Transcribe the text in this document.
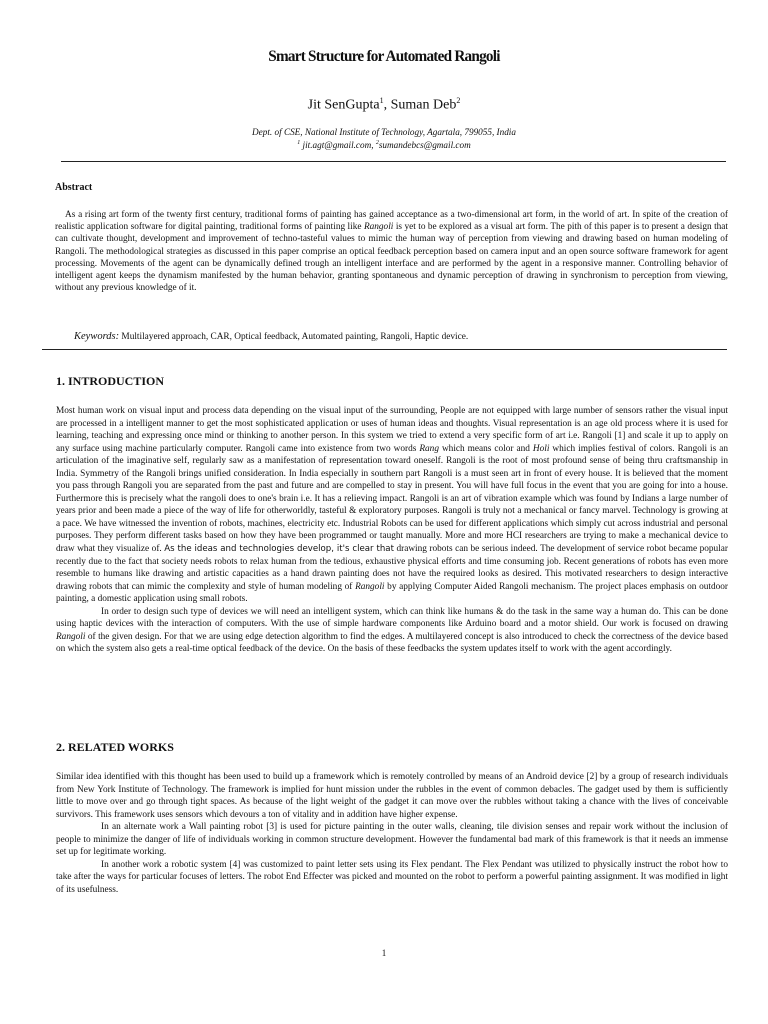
Smart Structure for Automated Rangoli
Jit SenGupta$^1$, Suman Deb$^2$
Dept. of CSE, National Institute of Technology, Agartala, 799055, India
$^1$ jit.agt@gmail.com, $^2$sumandebcs@gmail.com
Abstract
As a rising art form of the twenty first century, traditional forms of painting has gained acceptance as a two-dimensional art form, in the world of art. In spite of the creation of realistic application software for digital painting, traditional forms of painting like Rangoli is yet to be explored as a visual art form. The pith of this paper is to present a design that can cultivate thought, development and improvement of techno-tasteful values to mimic the human way of perception from viewing and drawing based on human modeling of Rangoli. The methodological strategies as discussed in this paper comprise an optical feedback perception based on camera input and an open source software framework for agent processing. Movements of the agent can be dynamically defined trough an intelligent interface and are performed by the agent in a responsive manner. Controlling behavior of intelligent agent keeps the dynamism manifested by the human behavior, granting spontaneous and dynamic perception of drawing in synchronism to perception from viewing, without any previous knowledge of it.
Keywords: Multilayered approach, CAR, Optical feedback, Automated painting, Rangoli, Haptic device.
1. INTRODUCTION

Most human work on visual input and process data depending on the visual input of the surrounding, People are not equipped with large number of sensors rather the visual input are processed in a intelligent manner to get the most sophisticated application or uses of human ideas and thoughts. Visual representation is an age old process where it is used for learning, teaching and expressing once mind or thinking to another person. In this system we tried to extend a very specific form of art i.e. Rangoli [1] and scale it up to apply on any surface using machine particularly computer. Rangoli came into existence from two words Rang which means color and Holi which implies festival of colors. Rangoli is an articulation of the imaginative self, regularly saw as a manifestation of representation toward oneself. Rangoli is the root of most profound sense of being thru craftsmanship in India. Symmetry of the Rangoli brings unified consideration. In India especially in southern part Rangoli is a must seen art in front of every house. It is believed that the moment you pass through Rangoli you are separated from the past and future and are compelled to stay in present. You will have full focus in the event that you are going for into a house. Furthermore this is precisely what the rangoli does to one's brain i.e. It has a relieving impact. Rangoli is an art of vibration example which was found by Indians a large number of years prior and been made a piece of the way of life for otherworldly, tasteful & exploratory purposes. Rangoli is truly not a mechanical or fancy marvel. Technology is growing at a pace. We have witnessed the invention of robots, machines, electricity etc. Industrial Robots can be used for different applications which simply cut across industrial and personal purposes. They perform different tasks based on how they have been programmed or taught manually. More and more HCI researchers are trying to make a mechanical device to draw what they visualize of. As the ideas and technologies develop, it's clear that drawing robots can be serious indeed. The development of service robot became popular recently due to the fact that society needs robots to relax human from the tedious, exhaustive physical efforts and time consuming job. Recent generations of robots has even more resemble to humans like drawing and artistic capacities as a hand drawn painting does not have the required looks as desired. This motivated researchers to design interactive drawing robots that can mimic the complexity and style of human modeling of Rangoli by applying Computer Aided Rangoli mechanism. The project places emphasis on outdoor painting, a domestic application using small robots.

In order to design such type of devices we will need an intelligent system, which can think like humans & do the task in the same way a human do. This can be done using haptic devices with the interaction of computers. With the use of simple hardware components like Arduino board and a motor shield. Our work is focused on drawing Rangoli of the given design. For that we are using edge detection algorithm to find the edges. A multilayered concept is also introduced to check the correctness of the device based on which the system also gets a real-time optical feedback of the device. On the basis of these feedbacks the system updates itself to work with the agent accordingly.

2. RELATED WORKS

Similar idea identified with this thought has been used to build up a framework which is remotely controlled by means of an Android device [2] by a group of research individuals from New York Institute of Technology. The framework is implied for hunt mission under the rubbles in the event of common debacles. The gadget used by them is sufficiently little to move over and go through tight spaces. As because of the light weight of the gadget it can move over the rubbles without taking a chance with the lives of conceivable survivors. This framework uses sensors which devours a ton of vitality and in addition have higher expense.

In an alternate work a Wall painting robot [3] is used for picture painting in the outer walls, cleaning, tile division senses and repair work without the inclusion of people to minimize the danger of life of individuals working in common structure development. However the fundamental bad mark of this framework is that it needs an immense set up for legitimate working.

In another work a robotic system [4] was customized to paint letter sets using its Flex pendant. The Flex Pendant was utilized to physically instruct the robot how to take after the ways for particular focuses of letters. The robot End Effecter was picked and mounted on the robot to perform a powerful painting assignment. It was modified in light of its usefulness.

1
